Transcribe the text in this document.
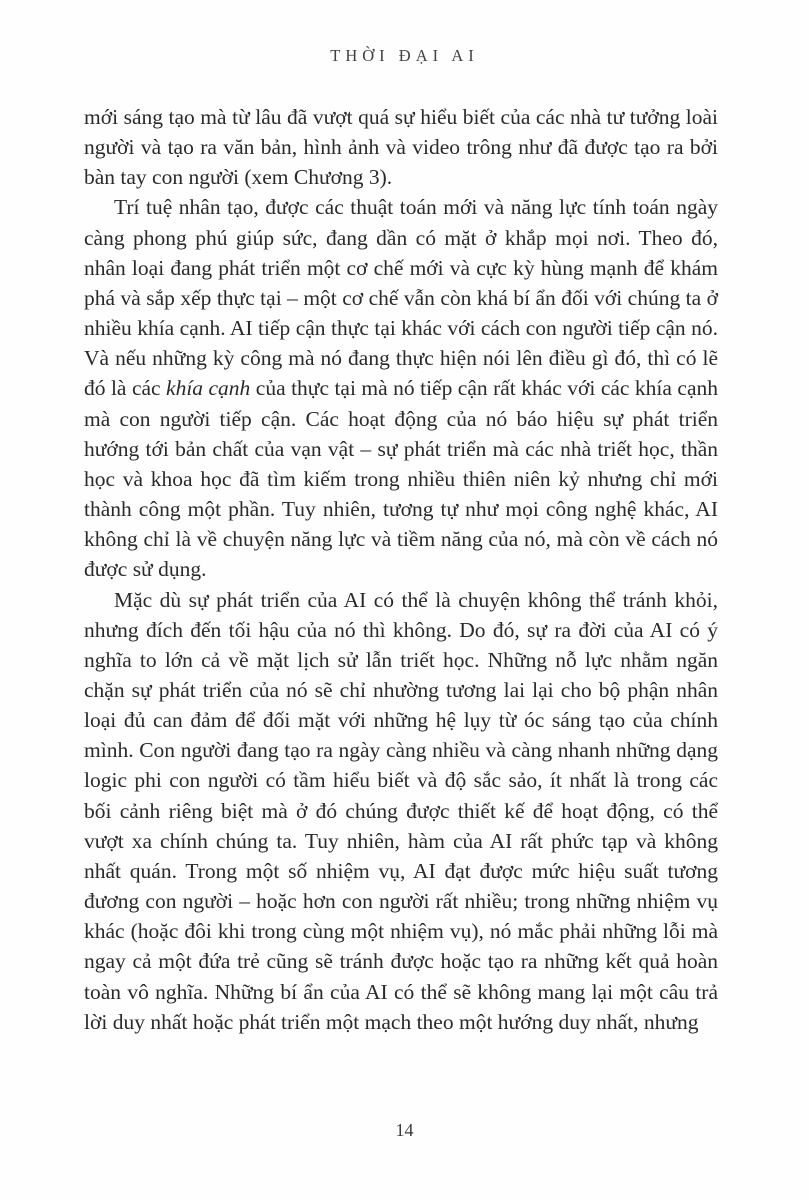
THỜI ĐẠI AI

mới sáng tạo mà từ lâu đã vượt quá sự hiểu biết của các nhà tư tưởng loài người và tạo ra văn bản, hình ảnh và video trông như đã được tạo ra bởi bàn tay con người (xem Chương 3).

Trí tuệ nhân tạo, được các thuật toán mới và năng lực tính toán ngày càng phong phú giúp sức, đang dần có mặt ở khắp mọi nơi. Theo đó, nhân loại đang phát triển một cơ chế mới và cực kỳ hùng mạnh để khám phá và sắp xếp thực tại – một cơ chế vẫn còn khá bí ẩn đối với chúng ta ở nhiều khía cạnh. AI tiếp cận thực tại khác với cách con người tiếp cận nó. Và nếu những kỳ công mà nó đang thực hiện nói lên điều gì đó, thì có lẽ đó là các khía cạnh của thực tại mà nó tiếp cận rất khác với các khía cạnh mà con người tiếp cận. Các hoạt động của nó báo hiệu sự phát triển hướng tới bản chất của vạn vật – sự phát triển mà các nhà triết học, thần học và khoa học đã tìm kiếm trong nhiều thiên niên kỷ nhưng chỉ mới thành công một phần. Tuy nhiên, tương tự như mọi công nghệ khác, AI không chỉ là về chuyện năng lực và tiềm năng của nó, mà còn về cách nó được sử dụng.

Mặc dù sự phát triển của AI có thể là chuyện không thể tránh khỏi, nhưng đích đến tối hậu của nó thì không. Do đó, sự ra đời của AI có ý nghĩa to lớn cả về mặt lịch sử lẫn triết học. Những nỗ lực nhằm ngăn chặn sự phát triển của nó sẽ chỉ nhường tương lai lại cho bộ phận nhân loại đủ can đảm để đối mặt với những hệ lụy từ óc sáng tạo của chính mình. Con người đang tạo ra ngày càng nhiều và càng nhanh những dạng logic phi con người có tầm hiểu biết và độ sắc sảo, ít nhất là trong các bối cảnh riêng biệt mà ở đó chúng được thiết kế để hoạt động, có thể vượt xa chính chúng ta. Tuy nhiên, hàm của AI rất phức tạp và không nhất quán. Trong một số nhiệm vụ, AI đạt được mức hiệu suất tương đương con người – hoặc hơn con người rất nhiều; trong những nhiệm vụ khác (hoặc đôi khi trong cùng một nhiệm vụ), nó mắc phải những lỗi mà ngay cả một đứa trẻ cũng sẽ tránh được hoặc tạo ra những kết quả hoàn toàn vô nghĩa. Những bí ẩn của AI có thể sẽ không mang lại một câu trả lời duy nhất hoặc phát triển một mạch theo một hướng duy nhất, nhưng

14
